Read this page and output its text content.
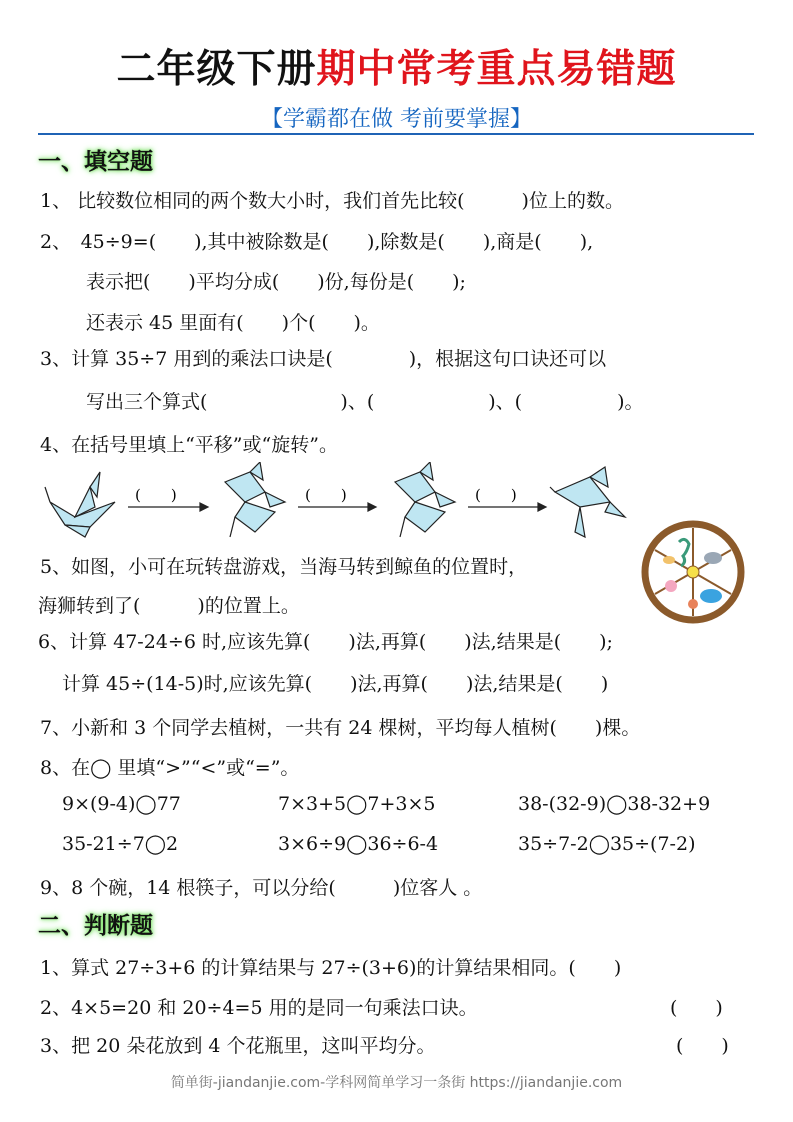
二年级下册期中常考重点易错题
【学霸都在做 考前要掌握】
一、填空题
1、 比较数位相同的两个数大小时，我们首先比较(　　　)位上的数。
2、　45÷9=(　　),其中被除数是(　　),除数是(　　),商是(　　),
表示把(　　)平均分成(　　)份,每份是(　　);
还表示 45 里面有(　　)个(　　)。
3、计算 35÷7 用到的乘法口诀是(　　　　)，根据这句口诀还可以
写出三个算式(　　　　　　　)、(　　　　　　)、(　　　　　)。
4、在括号里填上“平移”或“旋转”。
(　　)	(　　)	(　　)
5、如图，小可在玩转盘游戏，当海马转到鲸鱼的位置时，
海狮转到了(　　　)的位置上。
6、计算 47-24÷6 时,应该先算(　　)法,再算(　　)法,结果是(　　);
计算 45÷(14-5)时,应该先算(　　)法,再算(　　)法,结果是(　　)
7、小新和 3 个同学去植树，一共有 24 棵树，平均每人植树(　　)棵。
8、在◯ 里填“>”“<”或“=”。
9×(9-4)◯77	7×3+5◯7+3×5	38-(32-9)◯38-32+9
35-21÷7◯2	3×6÷9◯36÷6-4	35÷7-2◯35÷(7-2)
9、8 个碗，14 根筷子，可以分给(　　　)位客人 。
二、判断题
1、算式 27÷3+6 的计算结果与 27÷(3+6)的计算结果相同。(　　)
2、4×5=20 和 20÷4=5 用的是同一句乘法口诀。	(　　)
3、把 20 朵花放到 4 个花瓶里，这叫平均分。	(　　)
简单街-jiandanjie.com-学科网简单学习一条街 https://jiandanjie.com
